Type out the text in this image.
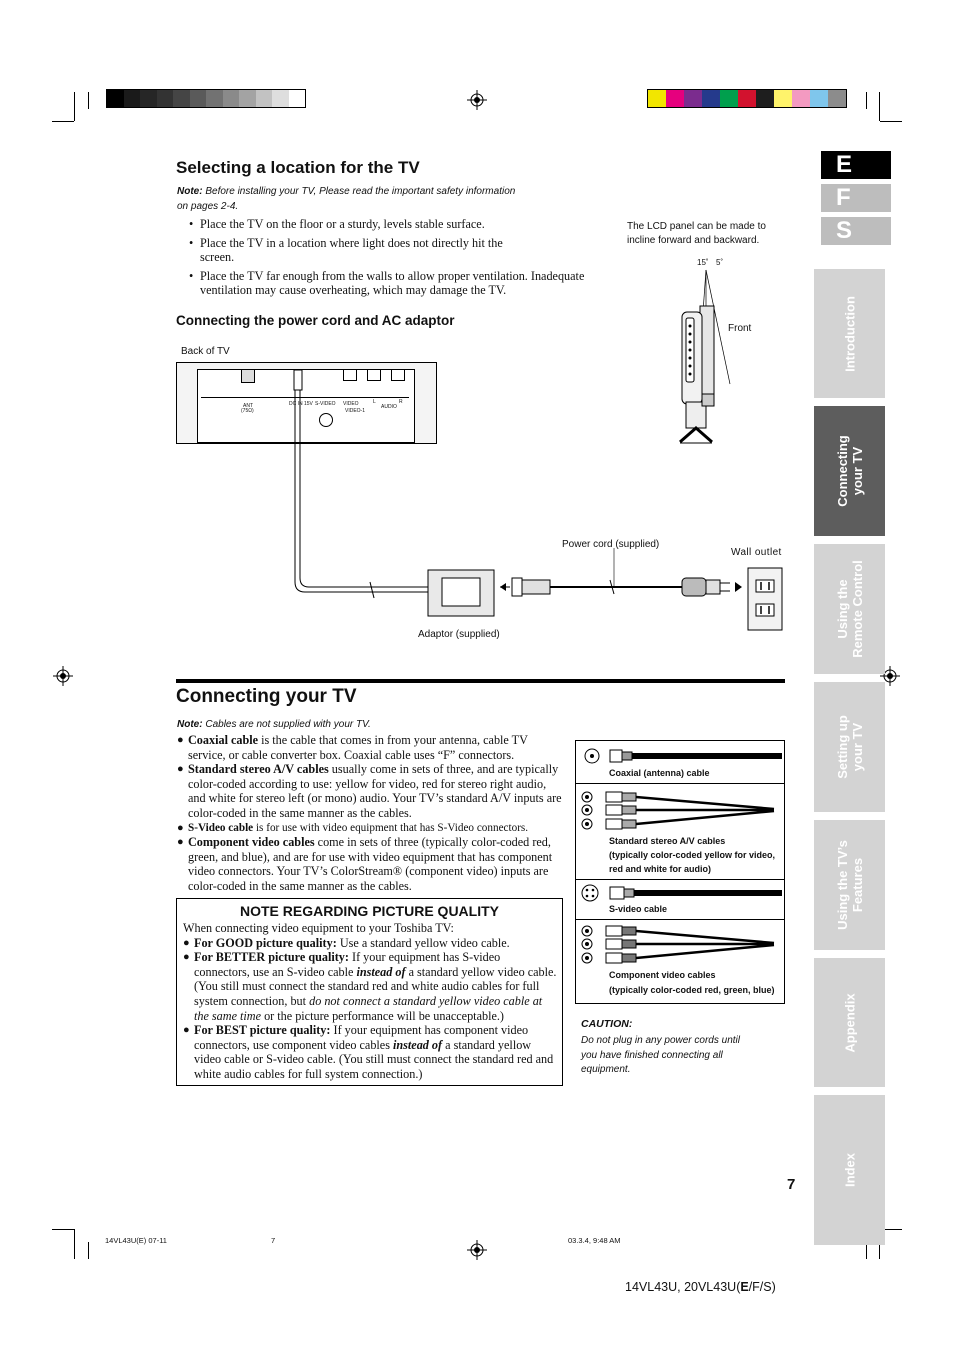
E
F
S
Introduction
Connecting your TV
Using the Remote Control
Setting up your TV
Using the TV’s Features
Appendix
Index
Selecting a location for the TV
Note: Before installing your TV, Please read the important safety information
on pages 2-4.
• Place the TV on the floor or a sturdy, levels stable surface.
• Place the TV in a location where light does not directly hit the screen.
• Place the TV far enough from the walls to allow proper ventilation. Inadequate ventilation may cause overheating, which may damage the TV.
The LCD panel can be made to incline forward and backward.
15˚ 5˚
Front
Connecting the power cord and AC adaptor
Back of TV
ANT
(75Ω)
DC IN 15V S-VIDEO VIDEO
VIDEO-1
L	R
AUDIO
Power cord (supplied)
Wall outlet
Adaptor (supplied)
Connecting your TV
Note: Cables are not supplied with your TV.
● Coaxial cable is the cable that comes in from your antenna, cable TV service, or cable converter box. Coaxial cable uses “F” connectors.
● Standard stereo A/V cables usually come in sets of three, and are typically color-coded according to use: yellow for video, red for stereo right audio, and white for stereo left (or mono) audio. Your TV’s standard A/V inputs are color-coded in the same manner as the cables.
● S-Video cable is for use with video equipment that has S-Video connectors.
● Component video cables come in sets of three (typically color-coded red, green, and blue), and are for use with video equipment that has component video connectors. Your TV’s ColorStream® (component video) inputs are color-coded in the same manner as the cables.
NOTE REGARDING PICTURE QUALITY
When connecting video equipment to your Toshiba TV:
● For GOOD picture quality: Use a standard yellow video cable.
● For BETTER picture quality: If your equipment has S-video connectors, use an S-video cable instead of a standard yellow video cable. (You still must connect the standard red and white audio cables for full system connection, but do not connect a standard yellow video cable at the same time or the picture performance will be unacceptable.)
● For BEST picture quality: If your equipment has component video connectors, use component video cables instead of a standard yellow video cable or S-video cable. (You still must connect the standard red and white audio cables for full system connection.)
Coaxial (antenna) cable
Standard stereo A/V cables
(typically color-coded yellow for video,
red and white for audio)
S-video cable
Component video cables
(typically color-coded red, green, blue)
CAUTION:
Do not plug in any power cords until you have finished connecting all equipment.
7
14VL43U(E) 07-11	7	03.3.4, 9:48 AM
14VL43U, 20VL43U(E/F/S)
